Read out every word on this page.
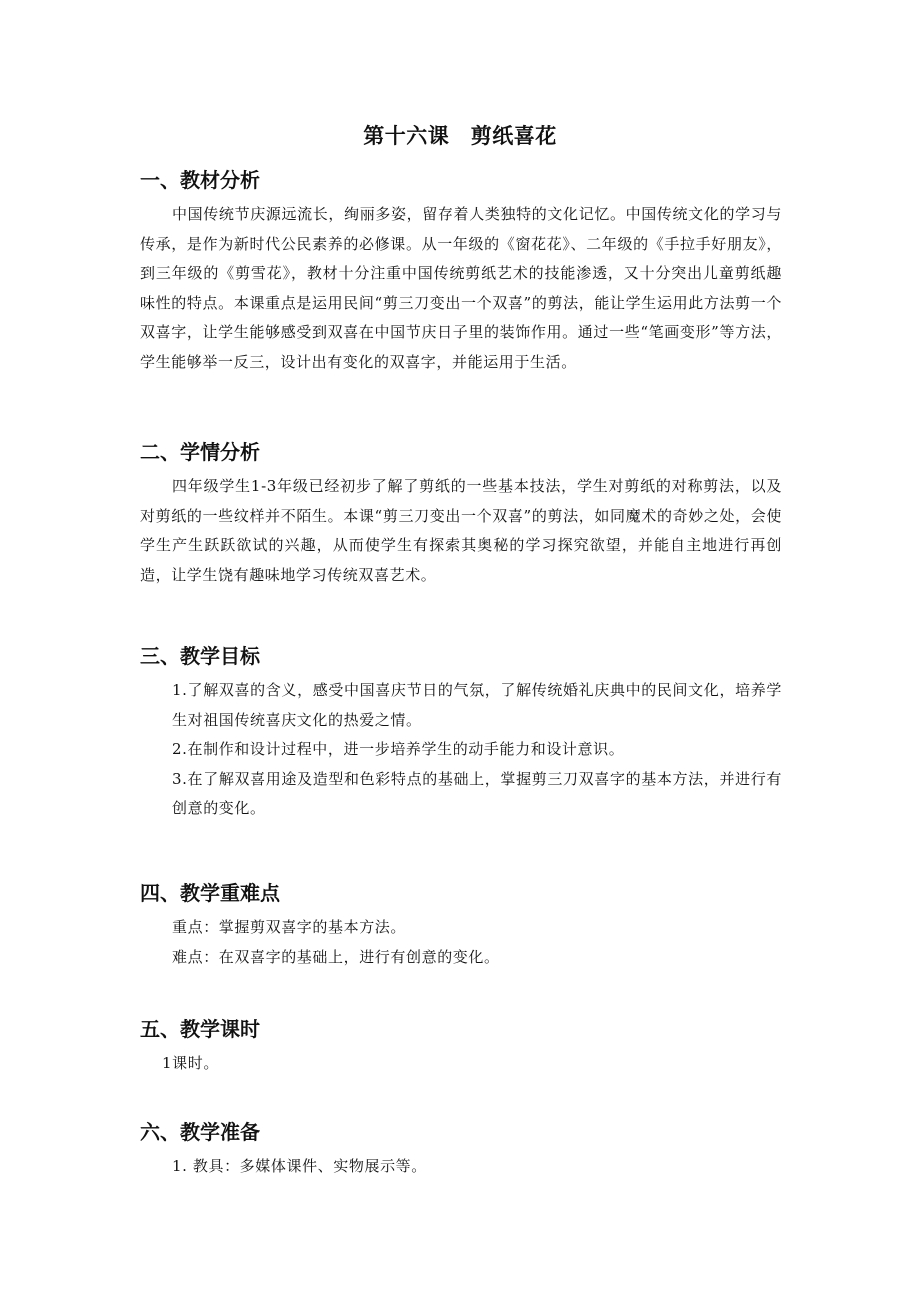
第十六课　剪纸喜花
一、教材分析

中国传统节庆源远流长，绚丽多姿，留存着人类独特的文化记忆。中国传统文化的学习与传承，是作为新时代公民素养的必修课。从一年级的《窗花花》、二年级的《手拉手好朋友》，到三年级的《剪雪花》，教材十分注重中国传统剪纸艺术的技能渗透，又十分突出儿童剪纸趣味性的特点。本课重点是运用民间“剪三刀变出一个双喜”的剪法，能让学生运用此方法剪一个双喜字，让学生能够感受到双喜在中国节庆日子里的装饰作用。通过一些“笔画变形”等方法，学生能够举一反三，设计出有变化的双喜字，并能运用于生活。

二、学情分析

四年级学生1-3年级已经初步了解了剪纸的一些基本技法，学生对剪纸的对称剪法，以及对剪纸的一些纹样并不陌生。本课“剪三刀变出一个双喜”的剪法，如同魔术的奇妙之处，会使学生产生跃跃欲试的兴趣，从而使学生有探索其奥秘的学习探究欲望，并能自主地进行再创造，让学生饶有趣味地学习传统双喜艺术。

三、教学目标

1.了解双喜的含义，感受中国喜庆节日的气氛，了解传统婚礼庆典中的民间文化，培养学生对祖国传统喜庆文化的热爱之情。

2.在制作和设计过程中，进一步培养学生的动手能力和设计意识。

3.在了解双喜用途及造型和色彩特点的基础上，掌握剪三刀双喜字的基本方法，并进行有创意的变化。

四、教学重难点

重点：掌握剪双喜字的基本方法。

难点：在双喜字的基础上，进行有创意的变化。

五、教学课时

1课时。

六、教学准备

1. 教具：多媒体课件、实物展示等。
